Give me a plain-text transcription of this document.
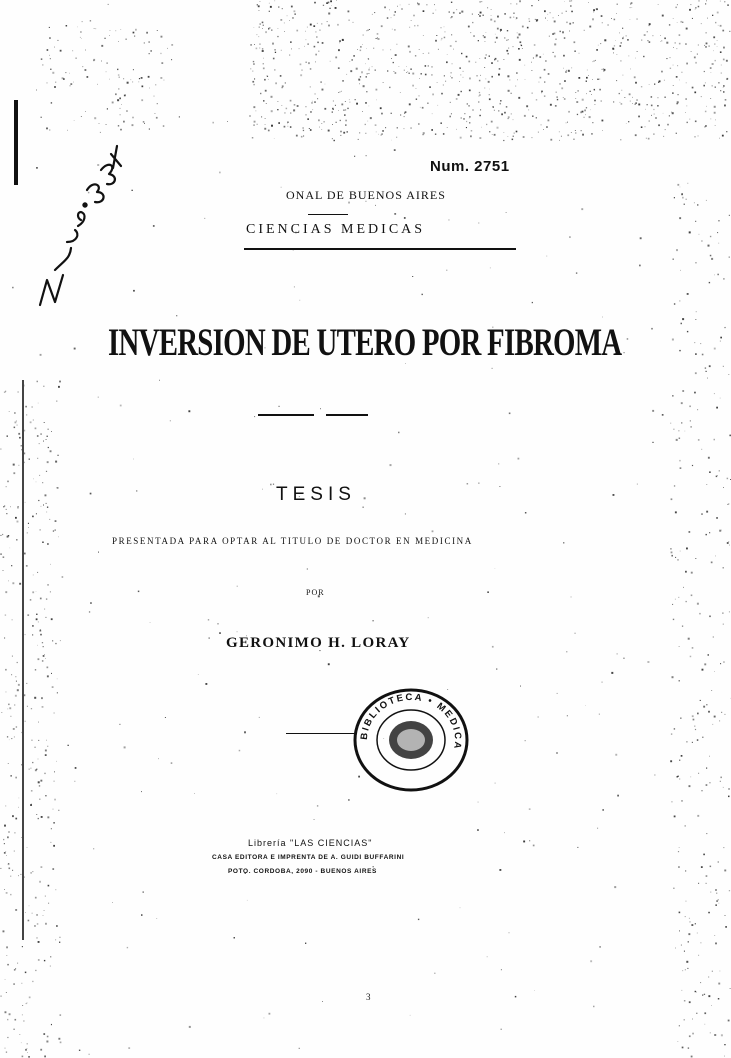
Num. 2751
ONAL DE BUENOS AIRES
CIENCIAS MEDICAS
INVERSION DE UTERO POR FIBROMA
TESIS
PRESENTADA PARA OPTAR AL TITULO DE DOCTOR EN MEDICINA
POR
GERONIMO H. LORAY
BIBLIOTECA • MEDICA
Librería "LAS CIENCIAS"
CASA EDITORA E IMPRENTA DE A. GUIDI BUFFARINI
POTO. CORDOBA, 2090 - BUENOS AIRES
3
